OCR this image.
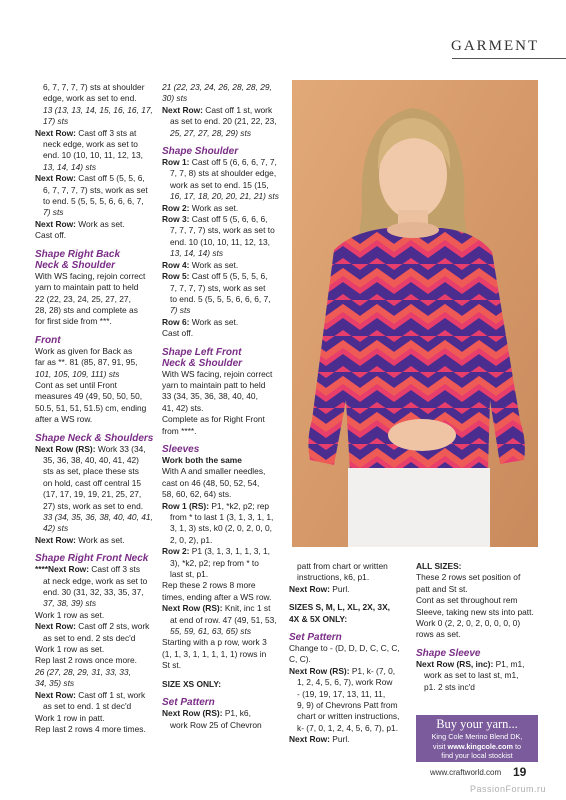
GARMENT
6, 7, 7, 7, 7) sts at shoulder
edge, work as set to end.
13 (13, 13, 14, 15, 16, 16, 17,
17) sts
Next Row: Cast off 3 sts at
neck edge, work as set to
end. 10 (10, 10, 11, 12, 13,
13, 14, 14) sts
Next Row: Cast off 5 (5, 5, 6,
6, 7, 7, 7, 7) sts, work as set
to end. 5 (5, 5, 5, 6, 6, 6, 7,
7) sts
Next Row: Work as set.
Cast off.
Shape Right Back
Neck & Shoulder
With WS facing, rejoin correct
yarn to maintain patt to held
22 (22, 23, 24, 25, 27, 27,
28, 28) sts and complete as
for first side from ***.
Front
Work as given for Back as
far as **. 81 (85, 87, 91, 95,
101, 105, 109, 111) sts
Cont as set until Front
measures 49 (49, 50, 50, 50,
50.5, 51, 51, 51.5) cm, ending
after a WS row.
Shape Neck & Shoulders
Next Row (RS): Work 33 (34,
35, 36, 38, 40, 40, 41, 42)
sts as set, place these sts
on hold, cast off central 15
(17, 17, 19, 19, 21, 25, 27,
27) sts, work as set to end.
33 (34, 35, 36, 38, 40, 40, 41,
42) sts
Next Row: Work as set.
Shape Right Front Neck
****Next Row: Cast off 3 sts
at neck edge, work as set to
end. 30 (31, 32, 33, 35, 37,
37, 38, 39) sts
Work 1 row as set.
Next Row: Cast off 2 sts, work
as set to end. 2 sts dec'd
Work 1 row as set.
Rep last 2 rows once more.
26 (27, 28, 29, 31, 33, 33,
34, 35) sts
Next Row: Cast off 1 st, work
as set to end. 1 st dec'd
Work 1 row in patt.
Rep last 2 rows 4 more times.
21 (22, 23, 24, 26, 28, 28, 29,
30) sts
Next Row: Cast off 1 st, work
as set to end. 20 (21, 22, 23,
25, 27, 27, 28, 29) sts
Shape Shoulder
Row 1: Cast off 5 (6, 6, 6, 7, 7,
7, 7, 8) sts at shoulder edge,
work as set to end. 15 (15,
16, 17, 18, 20, 20, 21, 21) sts
Row 2: Work as set.
Row 3: Cast off 5 (5, 6, 6, 6,
7, 7, 7, 7) sts, work as set to
end. 10 (10, 10, 11, 12, 13,
13, 14, 14) sts
Row 4: Work as set.
Row 5: Cast off 5 (5, 5, 5, 6,
7, 7, 7, 7) sts, work as set
to end. 5 (5, 5, 5, 6, 6, 6, 7,
7) sts
Row 6: Work as set.
Cast off.
Shape Left Front
Neck & Shoulder
With WS facing, rejoin correct
yarn to maintain patt to held
33 (34, 35, 36, 38, 40, 40,
41, 42) sts.
Complete as for Right Front
from ****.
Sleeves
Work both the same
With A and smaller needles,
cast on 46 (48, 50, 52, 54,
58, 60, 62, 64) sts.
Row 1 (RS): P1, *k2, p2; rep
from * to last 1 (3, 1, 3, 1, 1,
3, 1, 3) sts, k0 (2, 0, 2, 0, 0,
2, 0, 2), p1.
Row 2: P1 (3, 1, 3, 1, 1, 3, 1,
3), *k2, p2; rep from * to
last st, p1.
Rep these 2 rows 8 more
times, ending after a WS row.
Next Row (RS): Knit, inc 1 st
at end of row. 47 (49, 51, 53,
55, 59, 61, 63, 65) sts
Starting with a p row, work 3
(1, 1, 3, 1, 1, 1, 1, 1) rows in
St st.
SIZE XS ONLY:
Set Pattern
Next Row (RS): P1, k6,
work Row 25 of Chevron
patt from chart or written
instructions, k6, p1.
Next Row: Purl.
SIZES S, M, L, XL, 2X, 3X,
4X & 5X ONLY:
Set Pattern
Change to - (D, D, D, C, C, C,
C, C).
Next Row (RS): P1, k- (7, 0,
1, 2, 4, 5, 6, 7), work Row
- (19, 19, 17, 13, 11, 11,
9, 9) of Chevrons Patt from
chart or written instructions,
k- (7, 0, 1, 2, 4, 5, 6, 7), p1.
Next Row: Purl.
ALL SIZES:
These 2 rows set position of
patt and St st.
Cont as set throughout rem
Sleeve, taking new sts into patt.
Work 0 (2, 2, 0, 2, 0, 0, 0, 0)
rows as set.
Shape Sleeve
Next Row (RS, inc): P1, m1,
work as set to last st, m1,
p1. 2 sts inc'd
Buy your yarn...
King Cole Merino Blend DK,
visit www.kingcole.com to
find your local stockist
www.craftworld.com 19
PassionForum.ru
